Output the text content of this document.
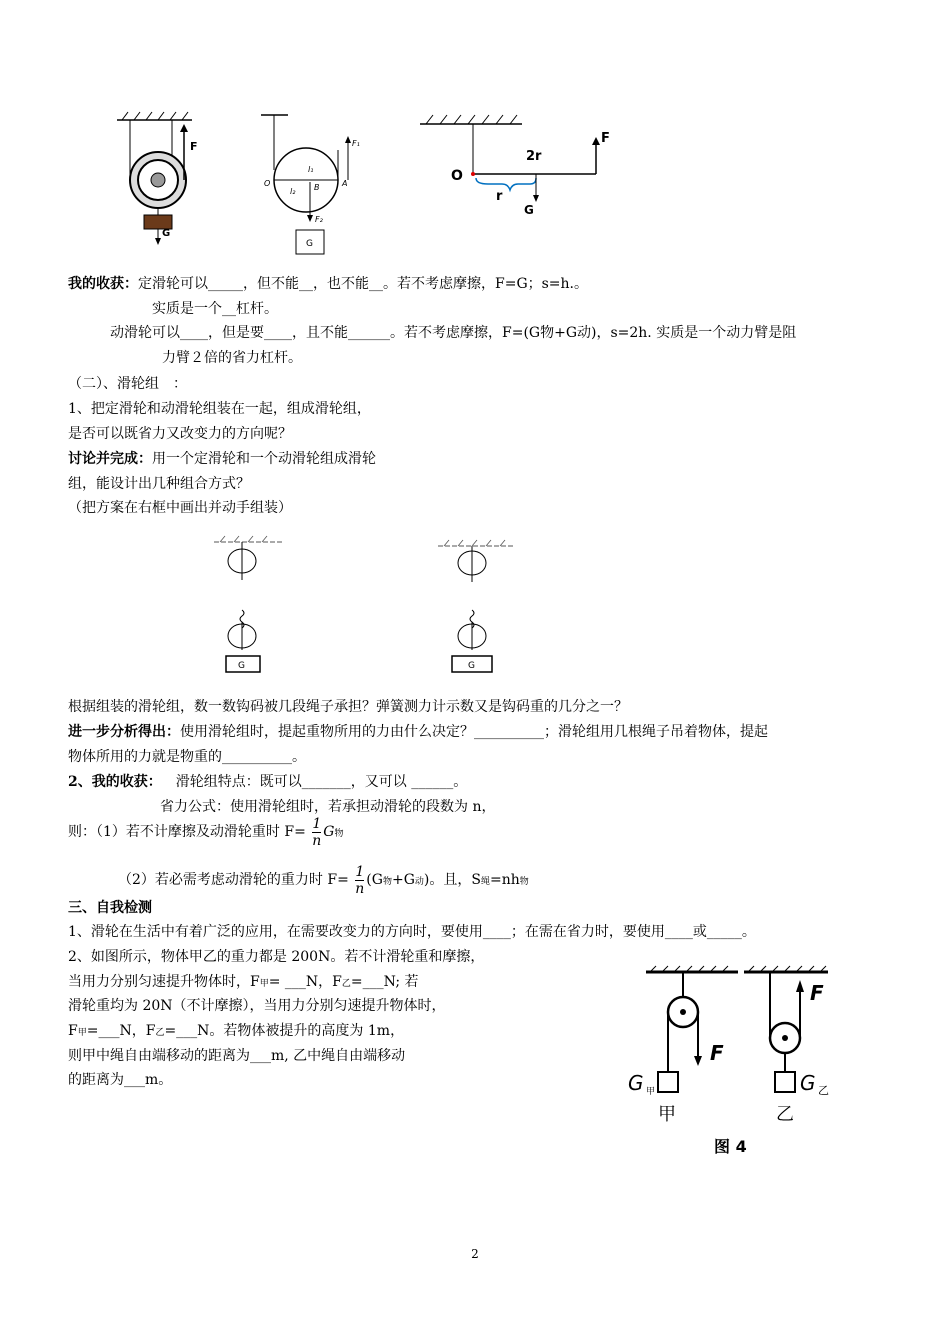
F
G
F₁
l₁
O	A
l₂ B
F₂
G
O
F
2r
r
G
我的收获：定滑轮可以_____，但不能__，也不能__。若不考虑摩擦，F=G；s=h.。
实质是一个__杠杆。
动滑轮可以____，但是要____，且不能______。若不考虑摩擦，F=(G物+G动)，s=2h. 实质是一个动力臂是阻
力臂２倍的省力杠杆。
（二）、滑轮组　：
1、把定滑轮和动滑轮组装在一起，组成滑轮组，
是否可以既省力又改变力的方向呢？
讨论并完成：用一个定滑轮和一个动滑轮组成滑轮
组，能设计出几种组合方式？
（把方案在右框中画出并动手组装）
G	G
根据组装的滑轮组，数一数钩码被几段绳子承担？弹簧测力计示数又是钩码重的几分之一？
进一步分析得出：使用滑轮组时，提起重物所用的力由什么决定？__________；滑轮组用几根绳子吊着物体，提起
物体所用的力就是物重的__________。
2、我的收获： 滑轮组特点：既可以_______，又可以 ______。
省力公式：使用滑轮组时，若承担动滑轮的段数为 n，
则：（1）若不计摩擦及动滑轮重时 $F= \frac{1}{n}$ G物
（2）若必需考虑动滑轮的重力时 $F= \frac{1}{n} (G$物+G动)。且，S绳=nh物
三、自我检测
1、滑轮在生活中有着广泛的应用，在需要改变力的方向时，要使用____；在需在省力时，要使用____或_____。
2、如图所示，物体甲乙的重力都是 200N。若不计滑轮重和摩擦，
当用力分别匀速提升物体时，F甲= ___N，F乙=___N; 若
滑轮重均为 20N（不计摩擦），当用力分别匀速提升物体时，
F甲=___N，F乙=___N。若物体被提升的高度为 1m，
则甲中绳自由端移动的距离为___m, 乙中绳自由端移动
的距离为___m。
F
G 甲
甲
F
G 乙
乙
图 4
2
